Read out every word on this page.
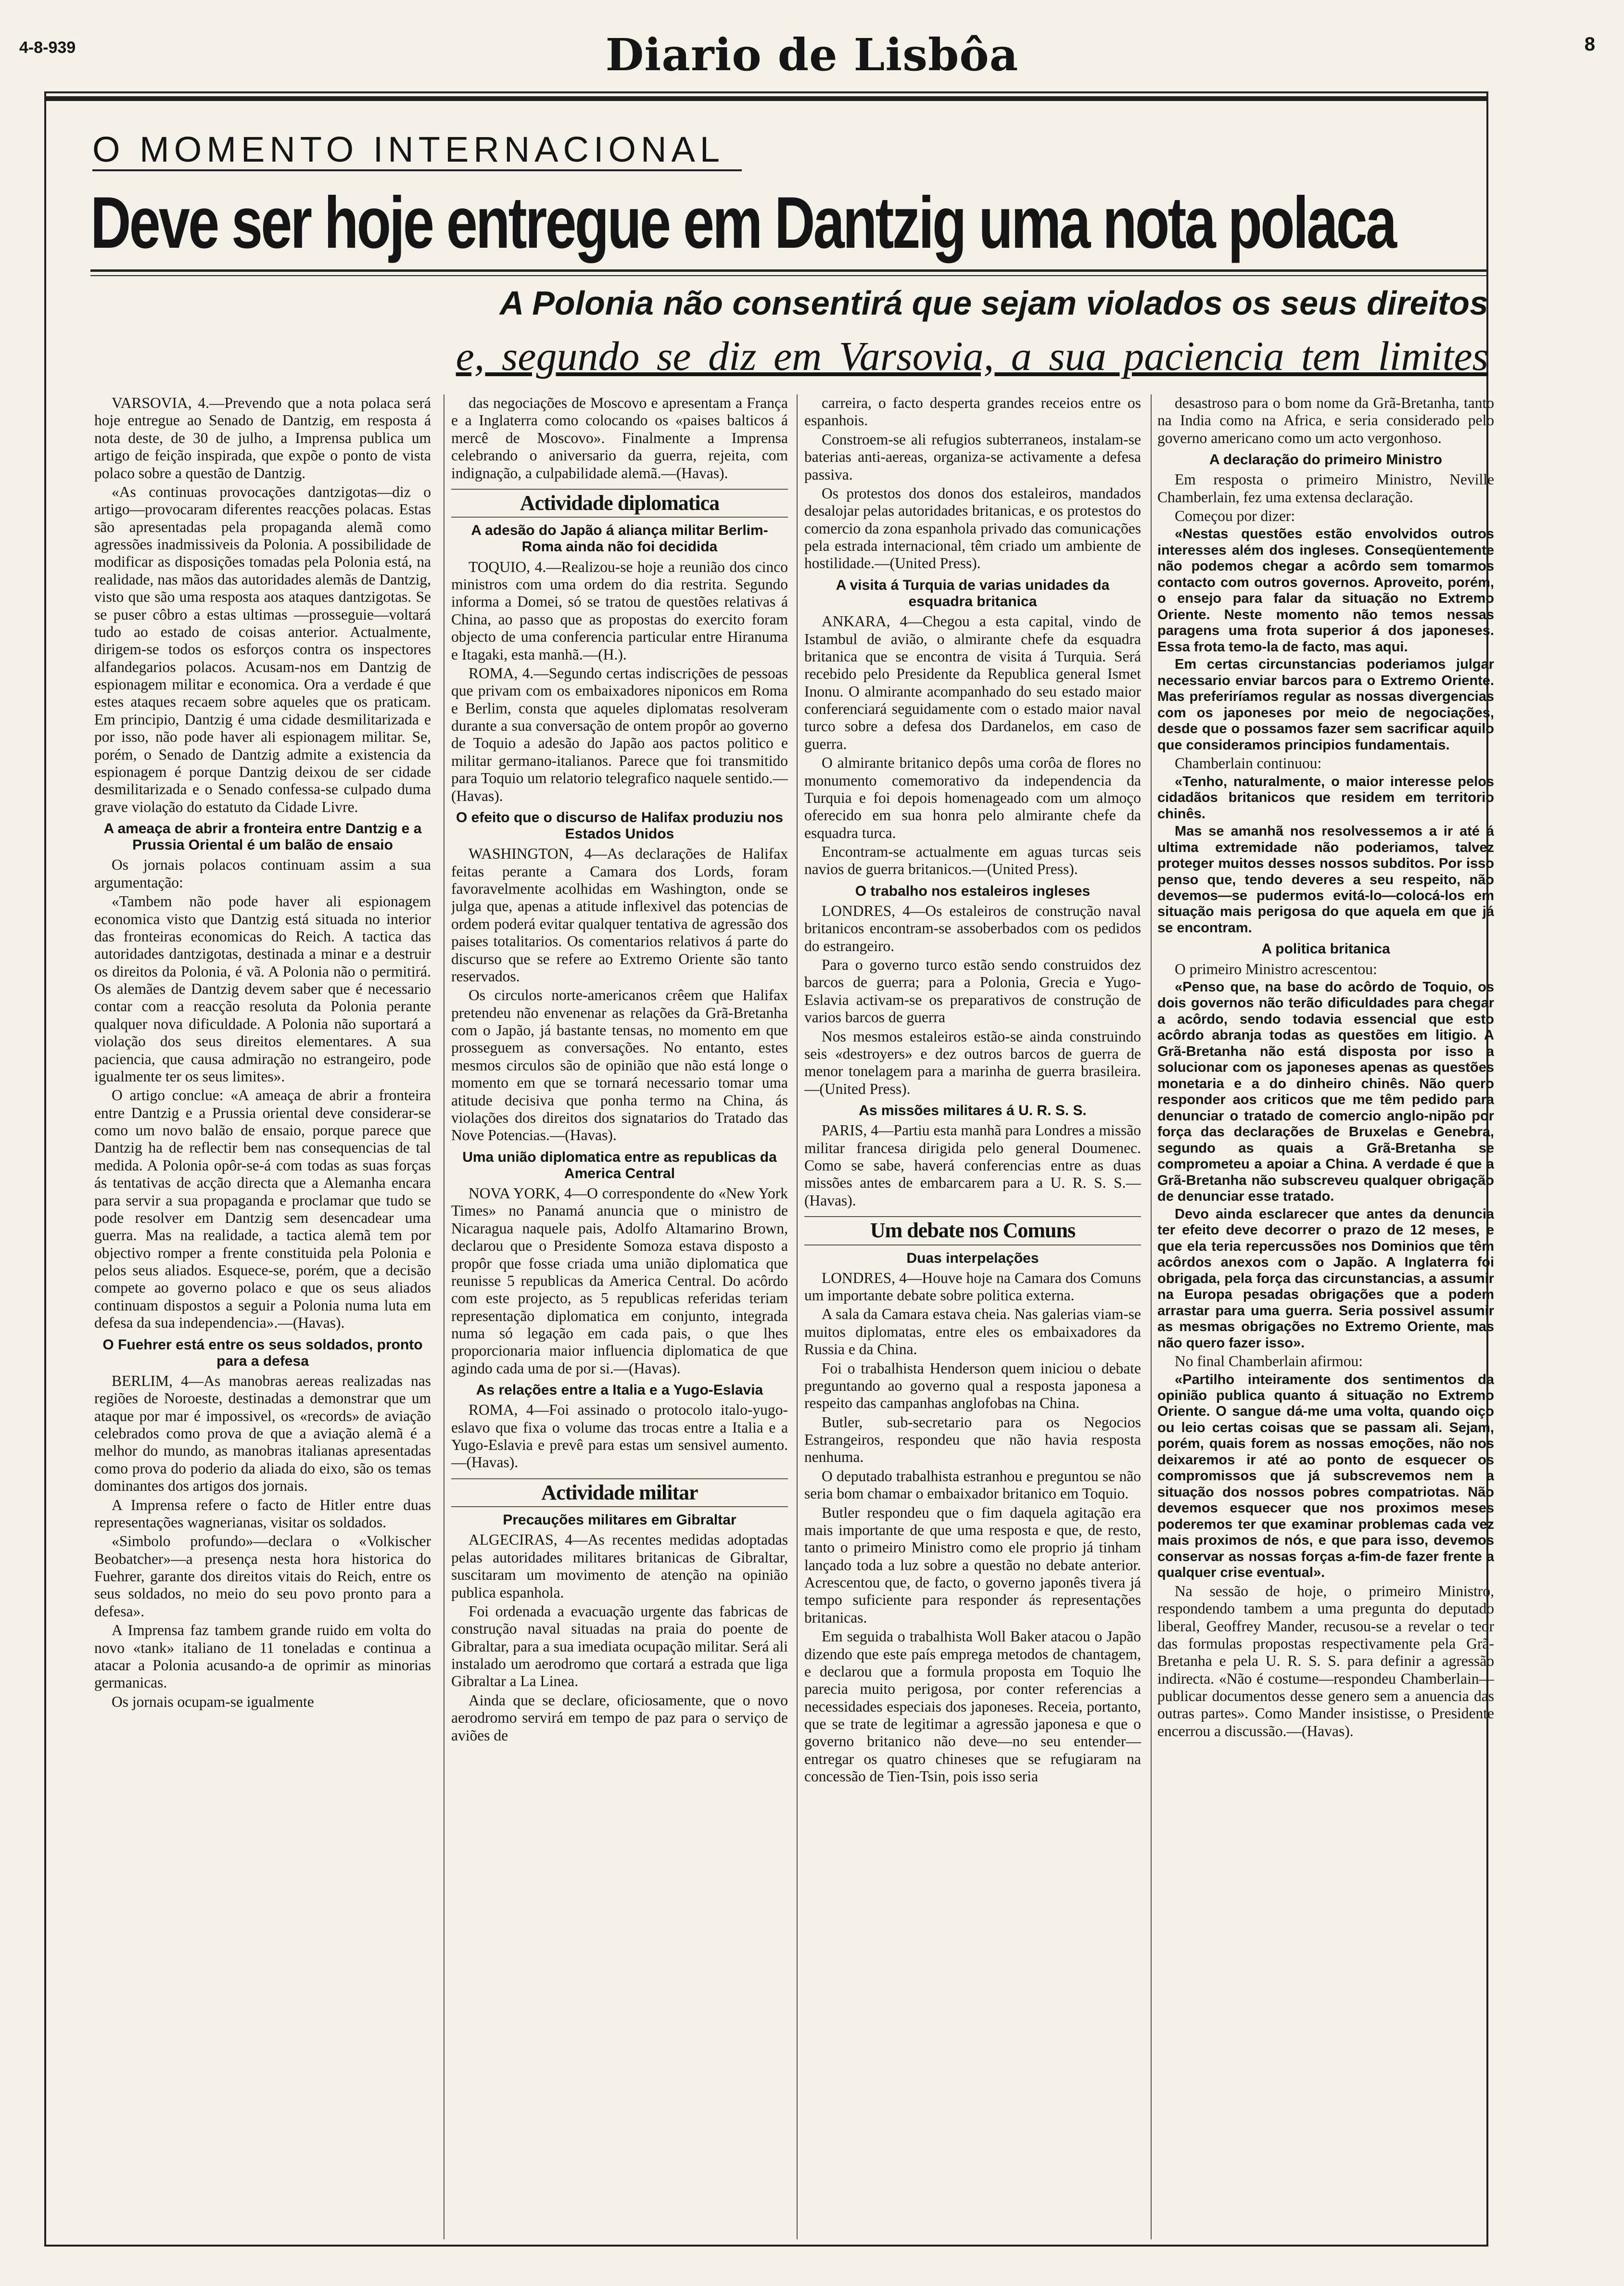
4-8-939	Diario de Lisbôa	8
O MOMENTO INTERNACIONAL
Deve ser hoje entregue em Dantzig uma nota polaca
A Polonia não consentirá que sejam violados os seus direitos
e, segundo se diz em Varsovia, a sua paciencia tem limites

VARSOVIA, 4.—Prevendo que a nota polaca será hoje entregue ao Senado de Dantzig, em resposta á nota deste, de 30 de julho, a Imprensa publica um artigo de feição inspirada, que expõe o ponto de vista polaco sobre a questão de Dantzig.

«As continuas provocações dantzigotas—diz o artigo—provocaram diferentes reacções polacas. Estas são apresentadas pela propaganda alemã como agressões inadmissiveis da Polonia. A possibilidade de modificar as disposições tomadas pela Polonia está, na realidade, nas mãos das autoridades alemãs de Dantzig, visto que são uma resposta aos ataques dantzigotas. Se se puser côbro a estas ultimas —prosseguie—voltará tudo ao estado de coisas anterior. Actualmente, dirigem-se todos os esforços contra os inspectores alfandegarios polacos. Acusam-nos em Dantzig de espionagem militar e economica. Ora a verdade é que estes ataques recaem sobre aqueles que os praticam. Em principio, Dantzig é uma cidade desmilitarizada e por isso, não pode haver ali espionagem militar. Se, porém, o Senado de Dantzig admite a existencia da espionagem é porque Dantzig deixou de ser cidade desmilitarizada e o Senado confessa-se culpado duma grave violação do estatuto da Cidade Livre.

A ameaça de abrir a fronteira entre Dantzig e a Prussia Oriental é um balão de ensaio

Os jornais polacos continuam assim a sua argumentação:

«Tambem não pode haver ali espionagem economica visto que Dantzig está situada no interior das fronteiras economicas do Reich. A tactica das autoridades dantzigotas, destinada a minar e a destruir os direitos da Polonia, é vã. A Polonia não o permitirá. Os alemães de Dantzig devem saber que é necessario contar com a reacção resoluta da Polonia perante qualquer nova dificuldade. A Polonia não suportará a violação dos seus direitos elementares. A sua paciencia, que causa admiração no estrangeiro, pode igualmente ter os seus limites».

O artigo conclue: «A ameaça de abrir a fronteira entre Dantzig e a Prussia oriental deve considerar-se como um novo balão de ensaio, porque parece que Dantzig ha de reflectir bem nas consequencias de tal medida. A Polonia opôr-se-á com todas as suas forças ás tentativas de acção directa que a Alemanha encara para servir a sua propaganda e proclamar que tudo se pode resolver em Dantzig sem desencadear uma guerra. Mas na realidade, a tactica alemã tem por objectivo romper a frente constituida pela Polonia e pelos seus aliados. Esquece-se, porém, que a decisão compete ao governo polaco e que os seus aliados continuam dispostos a seguir a Polonia numa luta em defesa da sua independencia».—(Havas).

O Fuehrer está entre os seus soldados, pronto para a defesa

BERLIM, 4—As manobras aereas realizadas nas regiões de Noroeste, destinadas a demonstrar que um ataque por mar é impossivel, os «records» de aviação celebrados como prova de que a aviação alemã é a melhor do mundo, as manobras italianas apresentadas como prova do poderio da aliada do eixo, são os temas dominantes dos artigos dos jornais.

A Imprensa refere o facto de Hitler entre duas representações wagnerianas, visitar os soldados.

«Simbolo profundo»—declara o «Volkischer Beobatcher»—a presença nesta hora historica do Fuehrer, garante dos direitos vitais do Reich, entre os seus soldados, no meio do seu povo pronto para a defesa».

A Imprensa faz tambem grande ruido em volta do novo «tank» italiano de 11 toneladas e continua a atacar a Polonia acusando-a de oprimir as minorias germanicas.

Os jornais ocupam-se igualmente

das negociações de Moscovo e apresentam a França e a Inglaterra como colocando os «paises balticos á mercê de Moscovo». Finalmente a Imprensa celebrando o aniversario da guerra, rejeita, com indignação, a culpabilidade alemã.—(Havas).

Actividade diplomatica
A adesão do Japão á aliança militar Berlim-Roma ainda não foi decidida

TOQUIO, 4.—Realizou-se hoje a reunião dos cinco ministros com uma ordem do dia restrita. Segundo informa a Domei, só se tratou de questões relativas á China, ao passo que as propostas do exercito foram objecto de uma conferencia particular entre Hiranuma e Itagaki, esta manhã.—(H.).

ROMA, 4.—Segundo certas indiscrições de pessoas que privam com os embaixadores niponicos em Roma e Berlim, consta que aqueles diplomatas resolveram durante a sua conversação de ontem propôr ao governo de Toquio a adesão do Japão aos pactos politico e militar germano-italianos. Parece que foi transmitido para Toquio um relatorio telegrafico naquele sentido.—(Havas).

O efeito que o discurso de Halifax produziu nos Estados Unidos

WASHINGTON, 4—As declarações de Halifax feitas perante a Camara dos Lords, foram favoravelmente acolhidas em Washington, onde se julga que, apenas a atitude inflexivel das potencias de ordem poderá evitar qualquer tentativa de agressão dos paises totalitarios. Os comentarios relativos á parte do discurso que se refere ao Extremo Oriente são tanto reservados.

Os circulos norte-americanos crêem que Halifax pretendeu não envenenar as relações da Grã-Bretanha com o Japão, já bastante tensas, no momento em que prosseguem as conversações. No entanto, estes mesmos circulos são de opinião que não está longe o momento em que se tornará necessario tomar uma atitude decisiva que ponha termo na China, ás violações dos direitos dos signatarios do Tratado das Nove Potencias.—(Havas).

Uma união diplomatica entre as republicas da America Central

NOVA YORK, 4—O correspondente do «New York Times» no Panamá anuncia que o ministro de Nicaragua naquele pais, Adolfo Altamarino Brown, declarou que o Presidente Somoza estava disposto a propôr que fosse criada uma união diplomatica que reunisse 5 republicas da America Central. Do acôrdo com este projecto, as 5 republicas referidas teriam representação diplomatica em conjunto, integrada numa só legação em cada pais, o que lhes proporcionaria maior influencia diplomatica de que agindo cada uma de por si.—(Havas).

As relações entre a Italia e a Yugo-Eslavia

ROMA, 4—Foi assinado o protocolo italo-yugo-eslavo que fixa o volume das trocas entre a Italia e a Yugo-Eslavia e prevê para estas um sensivel aumento.—(Havas).

Actividade militar
Precauções militares em Gibraltar

ALGECIRAS, 4—As recentes medidas adoptadas pelas autoridades militares britanicas de Gibraltar, suscitaram um movimento de atenção na opinião publica espanhola.

Foi ordenada a evacuação urgente das fabricas de construção naval situadas na praia do poente de Gibraltar, para a sua imediata ocupação militar. Será ali instalado um aerodromo que cortará a estrada que liga Gibraltar a La Linea.

Ainda que se declare, oficiosamente, que o novo aerodromo servirá em tempo de paz para o serviço de aviões de

carreira, o facto desperta grandes receios entre os espanhois.

Constroem-se ali refugios subterraneos, instalam-se baterias anti-aereas, organiza-se activamente a defesa passiva.

Os protestos dos donos dos estaleiros, mandados desalojar pelas autoridades britanicas, e os protestos do comercio da zona espanhola privado das comunicações pela estrada internacional, têm criado um ambiente de hostilidade.—(United Press).

A visita á Turquia de varias unidades da esquadra britanica

ANKARA, 4—Chegou a esta capital, vindo de Istambul de avião, o almirante chefe da esquadra britanica que se encontra de visita á Turquia. Será recebido pelo Presidente da Republica general Ismet Inonu. O almirante acompanhado do seu estado maior conferenciará seguidamente com o estado maior naval turco sobre a defesa dos Dardanelos, em caso de guerra.

O almirante britanico depôs uma corôa de flores no monumento comemorativo da independencia da Turquia e foi depois homenageado com um almoço oferecido em sua honra pelo almirante chefe da esquadra turca.

Encontram-se actualmente em aguas turcas seis navios de guerra britanicos.—(United Press).

O trabalho nos estaleiros ingleses

LONDRES, 4—Os estaleiros de construção naval britanicos encontram-se assoberbados com os pedidos do estrangeiro.

Para o governo turco estão sendo construidos dez barcos de guerra; para a Polonia, Grecia e Yugo-Eslavia activam-se os preparativos de construção de varios barcos de guerra

Nos mesmos estaleiros estão-se ainda construindo seis «destroyers» e dez outros barcos de guerra de menor tonelagem para a marinha de guerra brasileira.—(United Press).

As missões militares á U. R. S. S.

PARIS, 4—Partiu esta manhã para Londres a missão militar francesa dirigida pelo general Doumenec. Como se sabe, haverá conferencias entre as duas missões antes de embarcarem para a U. R. S. S.—(Havas).

Um debate nos Comuns
Duas interpelações

LONDRES, 4—Houve hoje na Camara dos Comuns um importante debate sobre politica externa.

A sala da Camara estava cheia. Nas galerias viam-se muitos diplomatas, entre eles os embaixadores da Russia e da China.

Foi o trabalhista Henderson quem iniciou o debate preguntando ao governo qual a resposta japonesa a respeito das campanhas anglofobas na China.

Butler, sub-secretario para os Negocios Estrangeiros, respondeu que não havia resposta nenhuma.

O deputado trabalhista estranhou e preguntou se não seria bom chamar o embaixador britanico em Toquio.

Butler respondeu que o fim daquela agitação era mais importante de que uma resposta e que, de resto, tanto o primeiro Ministro como ele proprio já tinham lançado toda a luz sobre a questão no debate anterior. Acrescentou que, de facto, o governo japonês tivera já tempo suficiente para responder ás representações britanicas.

Em seguida o trabalhista Woll Baker atacou o Japão dizendo que este país emprega metodos de chantagem, e declarou que a formula proposta em Toquio lhe parecia muito perigosa, por conter referencias a necessidades especiais dos japoneses. Receia, portanto, que se trate de legitimar a agressão japonesa e que o governo britanico não deve—no seu entender—entregar os quatro chineses que se refugiaram na concessão de Tien-Tsin, pois isso seria

desastroso para o bom nome da Grã-Bretanha, tanto na India como na Africa, e seria considerado pelo governo americano como um acto vergonhoso.

A declaração do primeiro Ministro

Em resposta o primeiro Ministro, Neville Chamberlain, fez uma extensa declaração.

Começou por dizer:

«Nestas questões estão envolvidos outros interesses além dos ingleses. Conseqüentemente não podemos chegar a acôrdo sem tomarmos contacto com outros governos. Aproveito, porém, o ensejo para falar da situação no Extremo Oriente. Neste momento não temos nessas paragens uma frota superior á dos japoneses. Essa frota temo-la de facto, mas aqui.

Em certas circunstancias poderiamos julgar necessario enviar barcos para o Extremo Oriente. Mas preferiríamos regular as nossas divergencias com os japoneses por meio de negociações, desde que o possamos fazer sem sacrificar aquilo que consideramos principios fundamentais.

Chamberlain continuou:

«Tenho, naturalmente, o maior interesse pelos cidadãos britanicos que residem em territorio chinês.

Mas se amanhã nos resolvessemos a ir até á ultima extremidade não poderiamos, talvez proteger muitos desses nossos subditos. Por isso penso que, tendo deveres a seu respeito, não devemos—se pudermos evitá-lo—colocá-los em situação mais perigosa do que aquela em que já se encontram.

A politica britanica

O primeiro Ministro acrescentou:

«Penso que, na base do acôrdo de Toquio, os dois governos não terão dificuldades para chegar a acôrdo, sendo todavia essencial que esto acôrdo abranja todas as questões em litigio. A Grã-Bretanha não está disposta por isso a solucionar com os japoneses apenas as questões monetaria e a do dinheiro chinês. Não quero responder aos criticos que me têm pedido para denunciar o tratado de comercio anglo-nipão por força das declarações de Bruxelas e Genebra, segundo as quais a Grã-Bretanha se comprometeu a apoiar a China. A verdade é que a Grã-Bretanha não subscreveu qualquer obrigação de denunciar esse tratado.

Devo ainda esclarecer que antes da denuncia ter efeito deve decorrer o prazo de 12 meses, e que ela teria repercussões nos Dominios que têm acôrdos anexos com o Japão. A Inglaterra foi obrigada, pela força das circunstancias, a assumir na Europa pesadas obrigações que a podem arrastar para uma guerra. Seria possivel assumir as mesmas obrigações no Extremo Oriente, mas não quero fazer isso».

No final Chamberlain afirmou:

«Partilho inteiramente dos sentimentos da opinião publica quanto á situação no Extremo Oriente. O sangue dá-me uma volta, quando oiço ou leio certas coisas que se passam ali. Sejam, porém, quais forem as nossas emoções, não nos deixaremos ir até ao ponto de esquecer os compromissos que já subscrevemos nem a situação dos nossos pobres compatriotas. Não devemos esquecer que nos proximos meses poderemos ter que examinar problemas cada vez mais proximos de nós, e que para isso, devemos conservar as nossas forças a-fim-de fazer frente a qualquer crise eventual».

Na sessão de hoje, o primeiro Ministro, respondendo tambem a uma preguntа do deputado liberal, Geoffrey Mander, recusou-se a revelar o teor das formulas propostas respectivamente pela Grã-Bretanha e pela U. R. S. S. para definir a agressão indirecta. «Não é costume—respondeu Chamberlain—publicar documentos desse genero sem a anuencia das outras partes». Como Mander insistisse, o Presidente encerrou a discussão.—(Havas).
